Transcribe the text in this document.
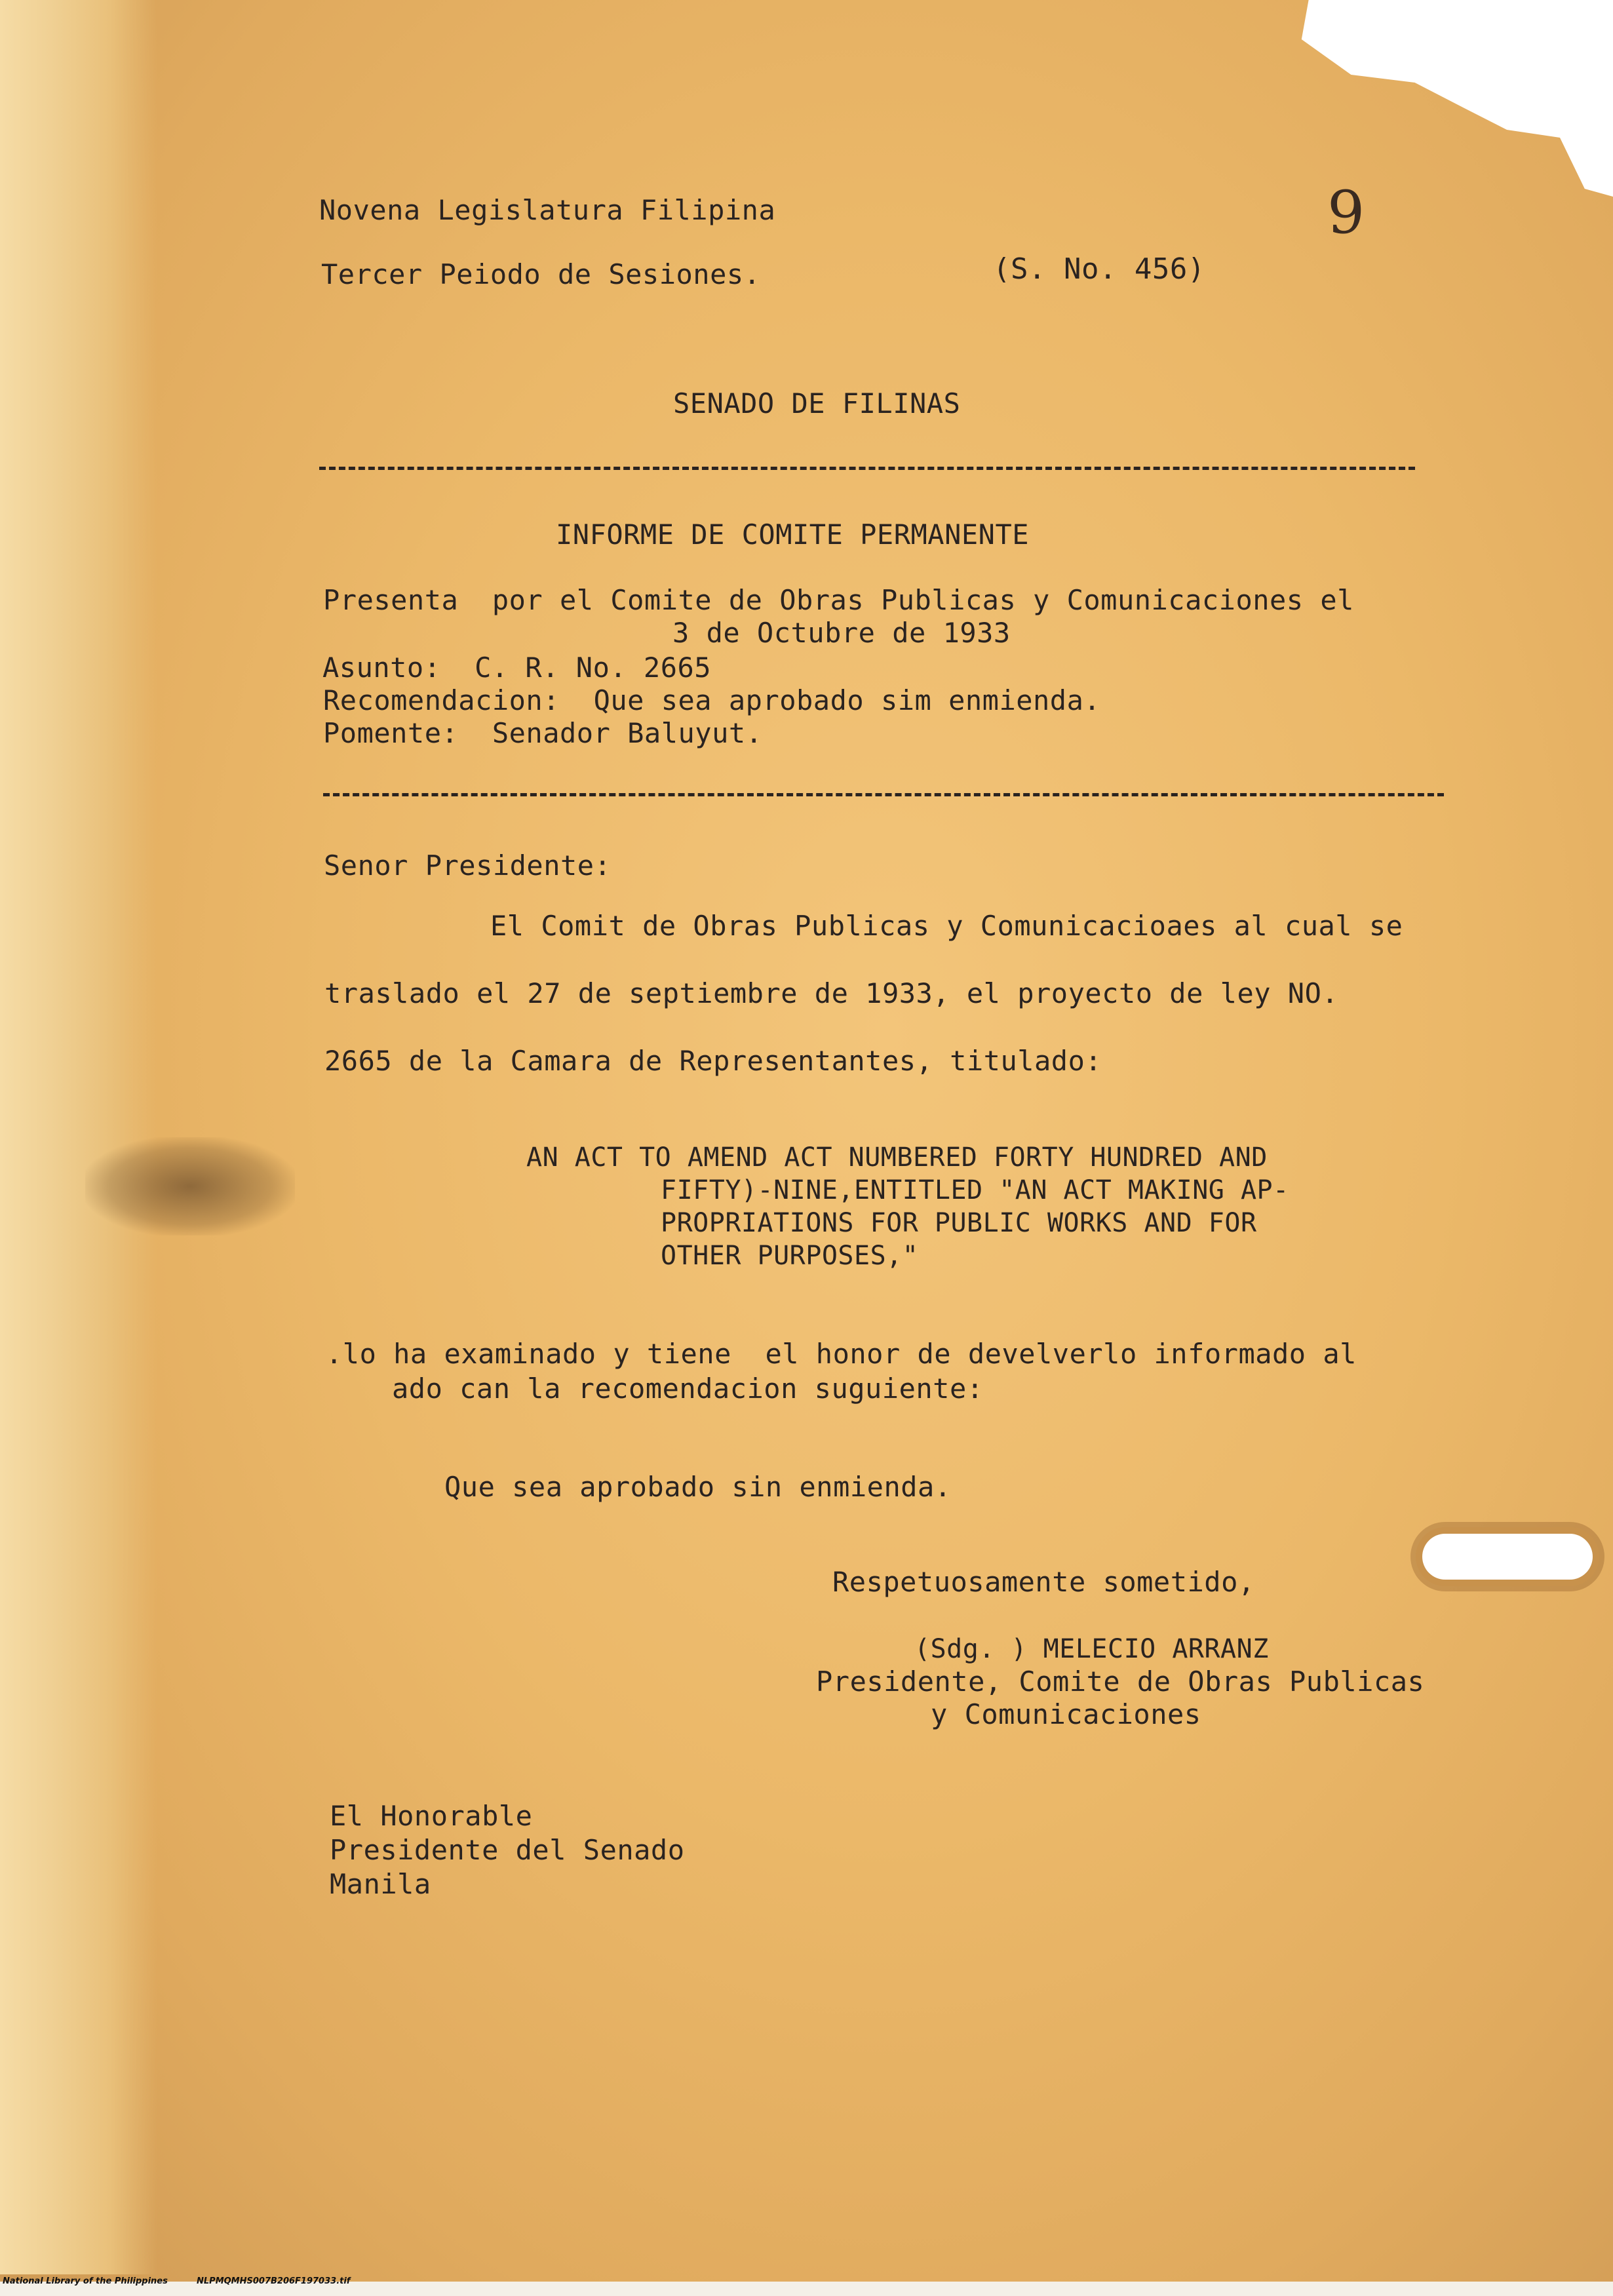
Novena Legislatura Filipina

Tercer Peiodo de Sesiones.	(S. No. 456)

9

SENADO DE FILINAS

INFORME DE COMITE PERMANENTE

Presenta  por el Comite de Obras Publicas y Comunicaciones el

3 de Octubre de 1933

Asunto:  C. R. No. 2665

Recomendacion:  Que sea aprobado sim enmienda.

Pomente:  Senador Baluyut.

Senor Presidente:

El Comit de Obras Publicas y Comunicacioaes al cual se

traslado el 27 de septiembre de 1933, el proyecto de ley NO.

2665 de la Camara de Representantes, titulado:

AN ACT TO AMEND ACT NUMBERED FORTY HUNDRED AND

FIFTY)-NINE,ENTITLED "AN ACT MAKING AP-

PROPRIATIONS FOR PUBLIC WORKS AND FOR

OTHER PURPOSES,"

.lo ha examinado y tiene  el honor de develverlo informado al

ado can la recomendacion suguiente:

Que sea aprobado sin enmienda.

Respetuosamente sometido,

(Sdg. ) MELECIO ARRANZ

Presidente, Comite de Obras Publicas

y Comunicaciones

El Honorable

Presidente del Senado

Manila

National Library of the Philippines	NLPMQMHS007B206F197033.tif
